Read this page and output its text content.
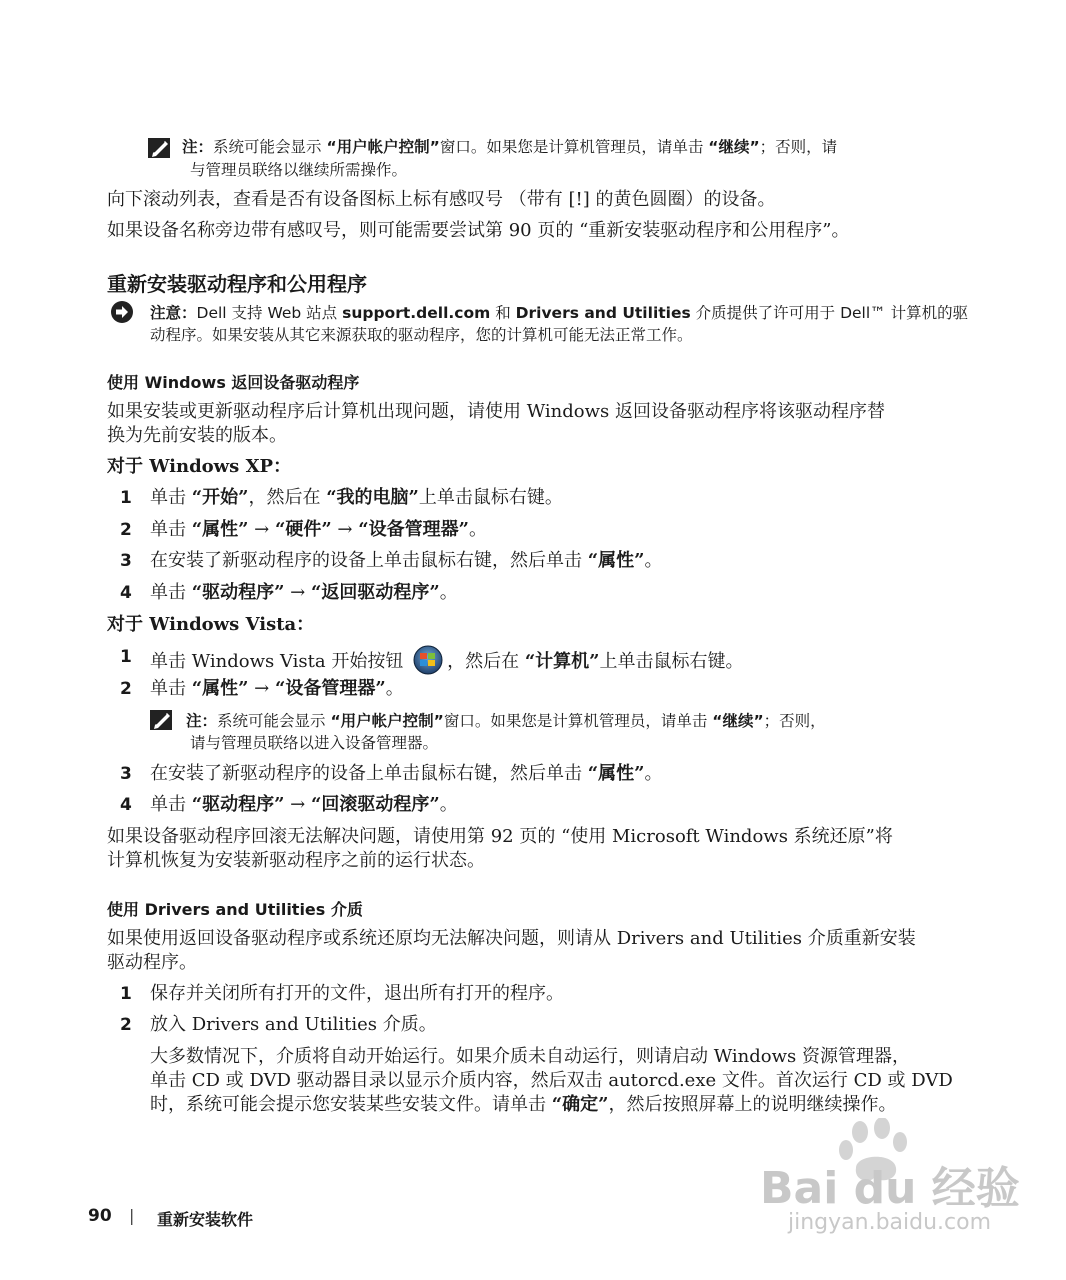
注：系统可能会显示 “用户帐户控制”窗口。如果您是计算机管理员，请单击 “继续”；否则，请
与管理员联络以继续所需操作。
向下滚动列表，查看是否有设备图标上标有感叹号 （带有 [!] 的黄色圆圈）的设备。
如果设备名称旁边带有感叹号，则可能需要尝试第 90 页的 “重新安装驱动程序和公用程序”。
重新安装驱动程序和公用程序
注意：Dell 支持 Web 站点 support.dell.com 和 Drivers and Utilities 介质提供了许可用于 Dell™ 计算机的驱
动程序。如果安装从其它来源获取的驱动程序，您的计算机可能无法正常工作。
使用 Windows 返回设备驱动程序
如果安装或更新驱动程序后计算机出现问题，请使用 Windows 返回设备驱动程序将该驱动程序替
换为先前安装的版本。
对于 Windows XP：
1 单击 “开始”，然后在 “我的电脑”上单击鼠标右键。
2 单击 “属性” → “硬件” → “设备管理器”。
3 在安装了新驱动程序的设备上单击鼠标右键，然后单击 “属性”。
4 单击 “驱动程序” → “返回驱动程序”。
对于 Windows Vista：
1 单击 Windows Vista 开始按钮 ，然后在 “计算机”上单击鼠标右键。
2 单击 “属性” → “设备管理器”。
注：系统可能会显示 “用户帐户控制”窗口。如果您是计算机管理员，请单击 “继续”；否则，
请与管理员联络以进入设备管理器。
3 在安装了新驱动程序的设备上单击鼠标右键，然后单击 “属性”。
4 单击 “驱动程序” → “回滚驱动程序”。
如果设备驱动程序回滚无法解决问题，请使用第 92 页的 “使用 Microsoft Windows 系统还原”将
计算机恢复为安装新驱动程序之前的运行状态。
使用 Drivers and Utilities 介质
如果使用返回设备驱动程序或系统还原均无法解决问题，则请从 Drivers and Utilities 介质重新安装
驱动程序。
1 保存并关闭所有打开的文件，退出所有打开的程序。
2 放入 Drivers and Utilities 介质。
大多数情况下，介质将自动开始运行。如果介质未自动运行，则请启动 Windows 资源管理器，
单击 CD 或 DVD 驱动器目录以显示介质内容，然后双击 autorcd.exe 文件。首次运行 CD 或 DVD
时，系统可能会提示您安装某些安装文件。请单击 “确定”，然后按照屏幕上的说明继续操作。
90 | 重新安装软件
Bai du 经验
jingyan.baidu.com
